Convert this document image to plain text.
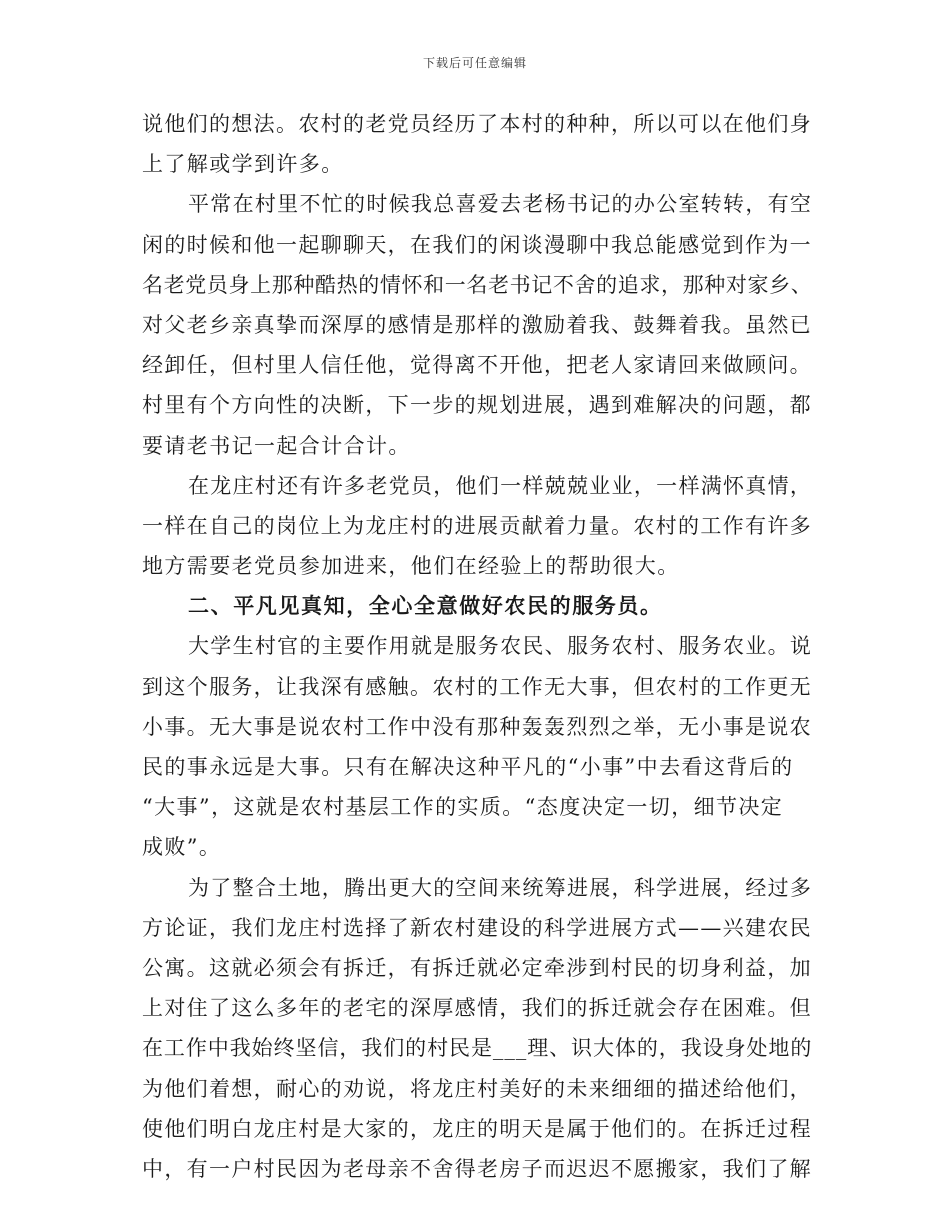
下载后可任意编辑
说他们的想法。农村的老党员经历了本村的种种，所以可以在他们身
上了解或学到许多。
平常在村里不忙的时候我总喜爱去老杨书记的办公室转转，有空
闲的时候和他一起聊聊天，在我们的闲谈漫聊中我总能感觉到作为一
名老党员身上那种酷热的情怀和一名老书记不舍的追求，那种对家乡、
对父老乡亲真挚而深厚的感情是那样的激励着我、鼓舞着我。虽然已
经卸任，但村里人信任他，觉得离不开他，把老人家请回来做顾问。
村里有个方向性的决断，下一步的规划进展，遇到难解决的问题，都
要请老书记一起合计合计。
在龙庄村还有许多老党员，他们一样兢兢业业，一样满怀真情，
一样在自己的岗位上为龙庄村的进展贡献着力量。农村的工作有许多
地方需要老党员参加进来，他们在经验上的帮助很大。
二、平凡见真知，全心全意做好农民的服务员。
大学生村官的主要作用就是服务农民、服务农村、服务农业。说
到这个服务，让我深有感触。农村的工作无大事，但农村的工作更无
小事。无大事是说农村工作中没有那种轰轰烈烈之举，无小事是说农
民的事永远是大事。只有在解决这种平凡的“小事”中去看这背后的
“大事”，这就是农村基层工作的实质。“态度决定一切，细节决定
成败”。
为了整合土地，腾出更大的空间来统筹进展，科学进展，经过多
方论证，我们龙庄村选择了新农村建设的科学进展方式——兴建农民
公寓。这就必须会有拆迁，有拆迁就必定牵涉到村民的切身利益，加
上对住了这么多年的老宅的深厚感情，我们的拆迁就会存在困难。但
在工作中我始终坚信，我们的村民是___理、识大体的，我设身处地的
为他们着想，耐心的劝说，将龙庄村美好的未来细细的描述给他们，
使他们明白龙庄村是大家的，龙庄的明天是属于他们的。在拆迁过程
中，有一户村民因为老母亲不舍得老房子而迟迟不愿搬家，我们了解
